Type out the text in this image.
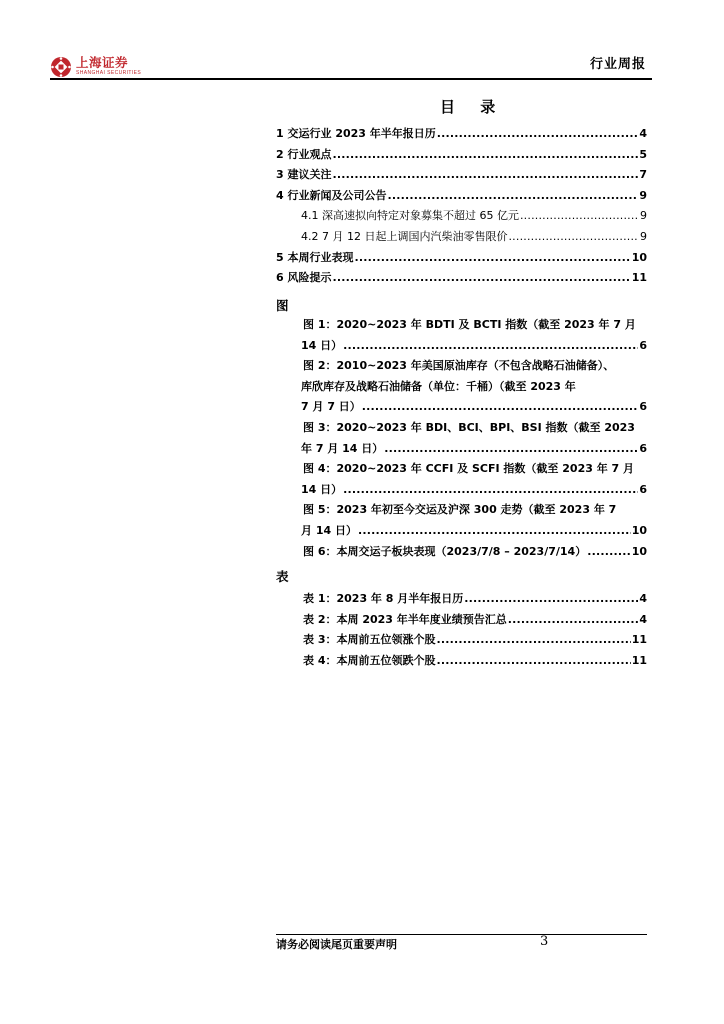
上海证券
SHANGHAI SECURITIES
行业周报
目 录
1 交运行业 2023 年半年报日历 .....	4
2 行业观点 .....	5
3 建议关注 .....	7
4 行业新闻及公司公告 .....	9
4.1 深高速拟向特定对象募集不超过 65 亿元 .....	9
4.2 7 月 12 日起上调国内汽柴油零售限价 .....	9
5 本周行业表现 .....	10
6 风险提示 .....	11
图
图 1：2020~2023 年 BDTI 及 BCTI 指数（截至 2023 年 7 月
14 日） .....	6
图 2：2010~2023 年美国原油库存（不包含战略石油储备）、
库欣库存及战略石油储备（单位：千桶）（截至 2023 年
7 月 7 日） .....	6
图 3：2020~2023 年 BDI、BCI、BPI、BSI 指数（截至 2023
年 7 月 14 日） .....	6
图 4：2020~2023 年 CCFI 及 SCFI 指数（截至 2023 年 7 月
14 日） .....	6
图 5：2023 年初至今交运及沪深 300 走势（截至 2023 年 7
月 14 日） .....	10
图 6：本周交运子板块表现（2023/7/8 – 2023/7/14） .....	10
表
表 1：2023 年 8 月半年报日历 .....	4
表 2：本周 2023 年半年度业绩预告汇总 .....	4
表 3：本周前五位领涨个股 .....	11
表 4：本周前五位领跌个股 .....	11
请务必阅读尾页重要声明	3
